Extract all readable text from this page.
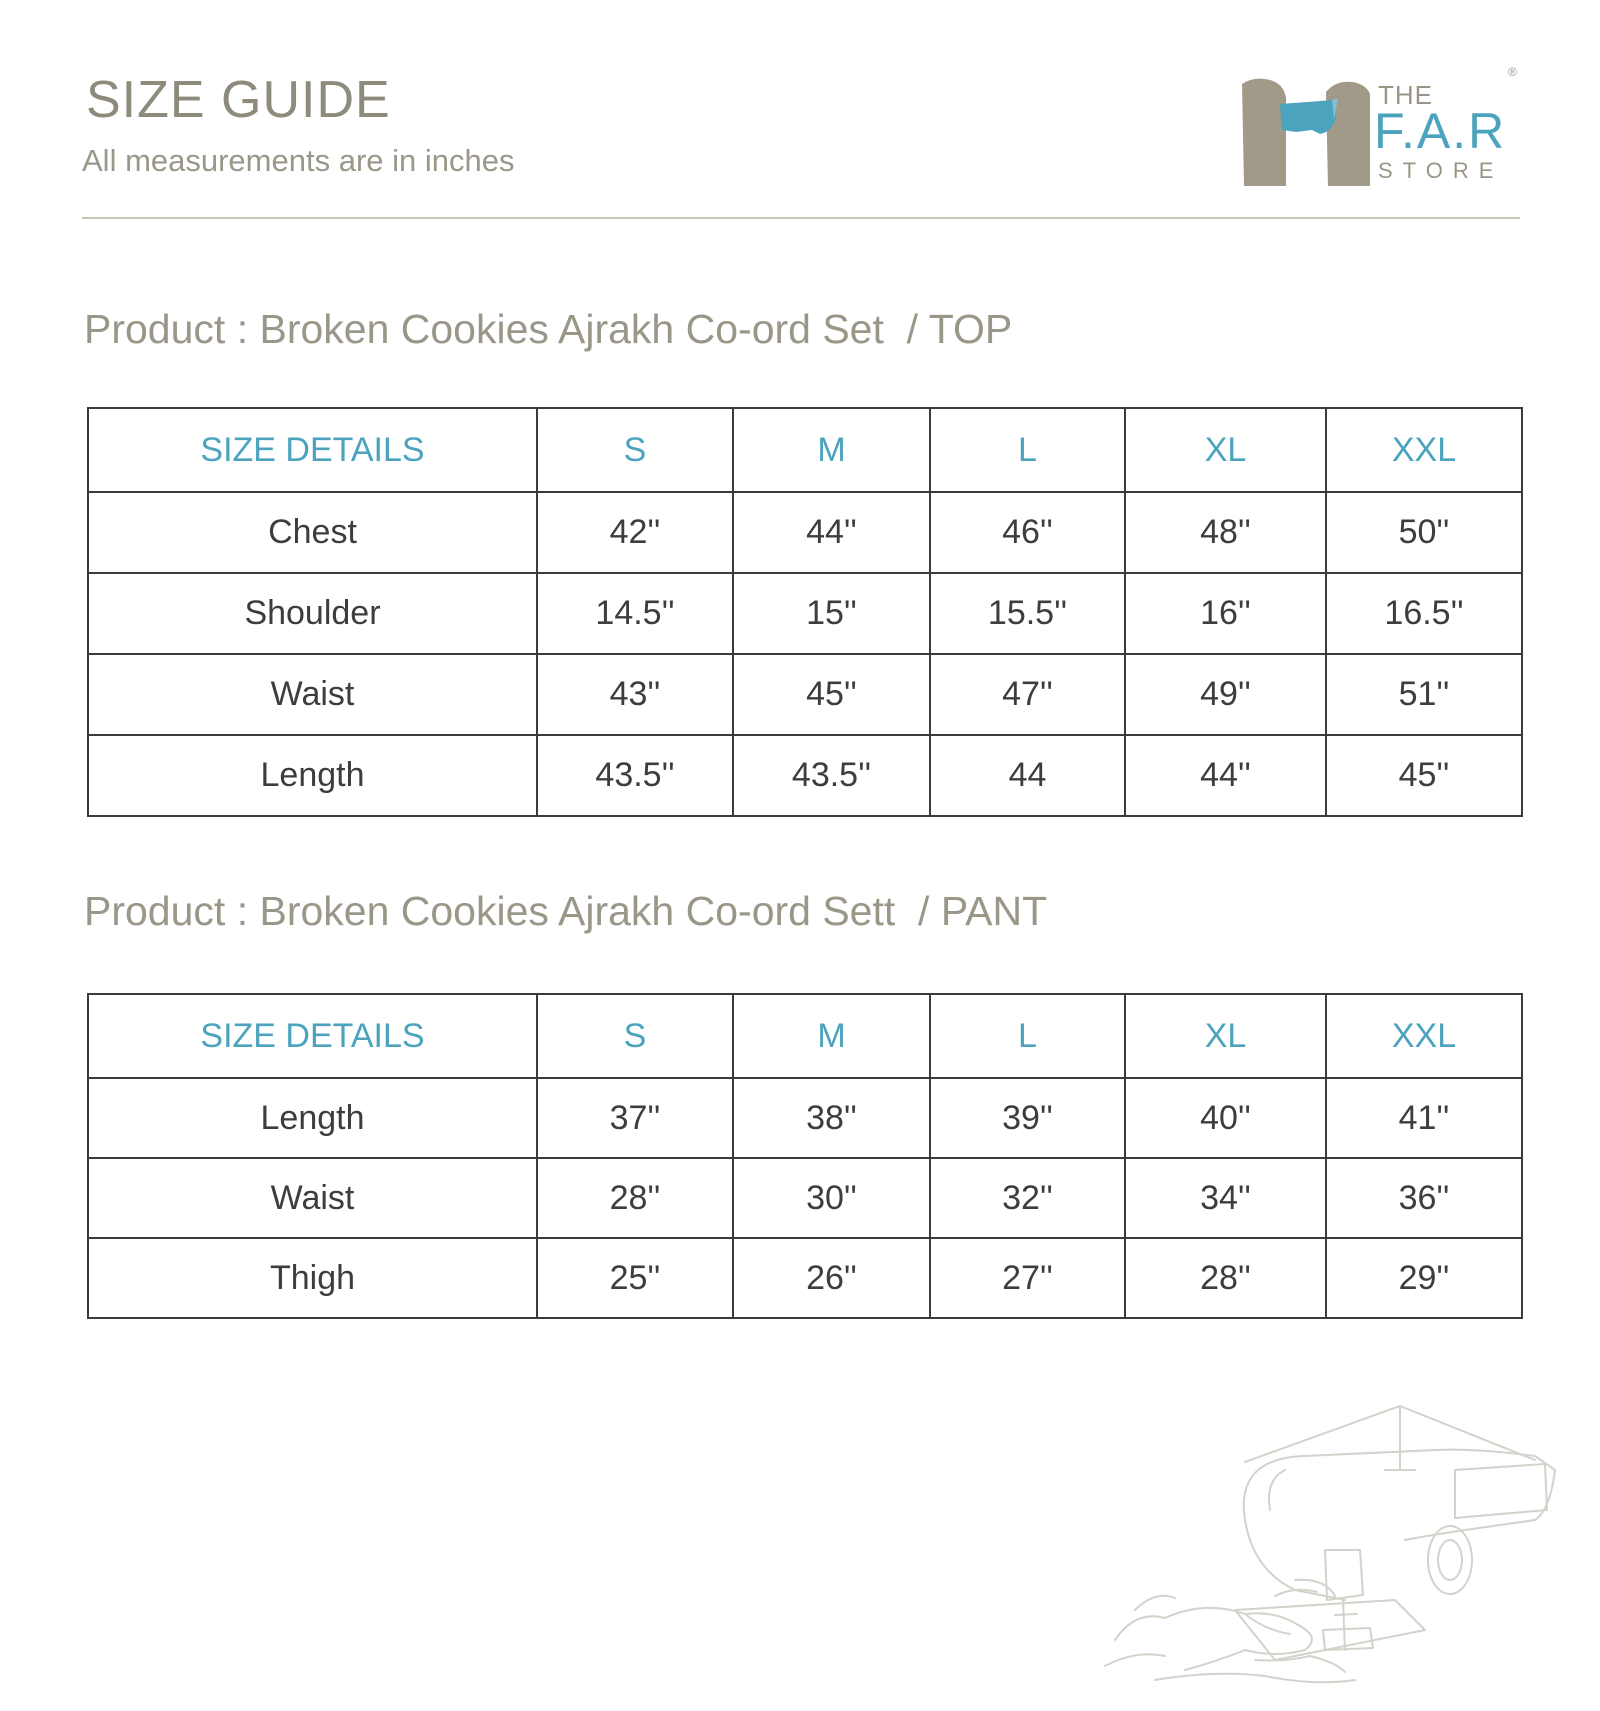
SIZE GUIDE
All measurements are in inches
THE
F.A.R
STORE
®
Product : Broken Cookies Ajrakh Co-ord Set  / TOP
SIZE DETAILS	S	M	L	XL	XXL
Chest	42''	44''	46''	48''	50''
Shoulder	14.5''	15''	15.5''	16''	16.5''
Waist	43''	45''	47''	49''	51''
Length	43.5''	43.5''	44	44''	45''
Product : Broken Cookies Ajrakh Co-ord Sett  / PANT
SIZE DETAILS	S	M	L	XL	XXL
Length	37''	38''	39''	40''	41''
Waist	28''	30''	32''	34''	36''
Thigh	25''	26''	27''	28''	29''
